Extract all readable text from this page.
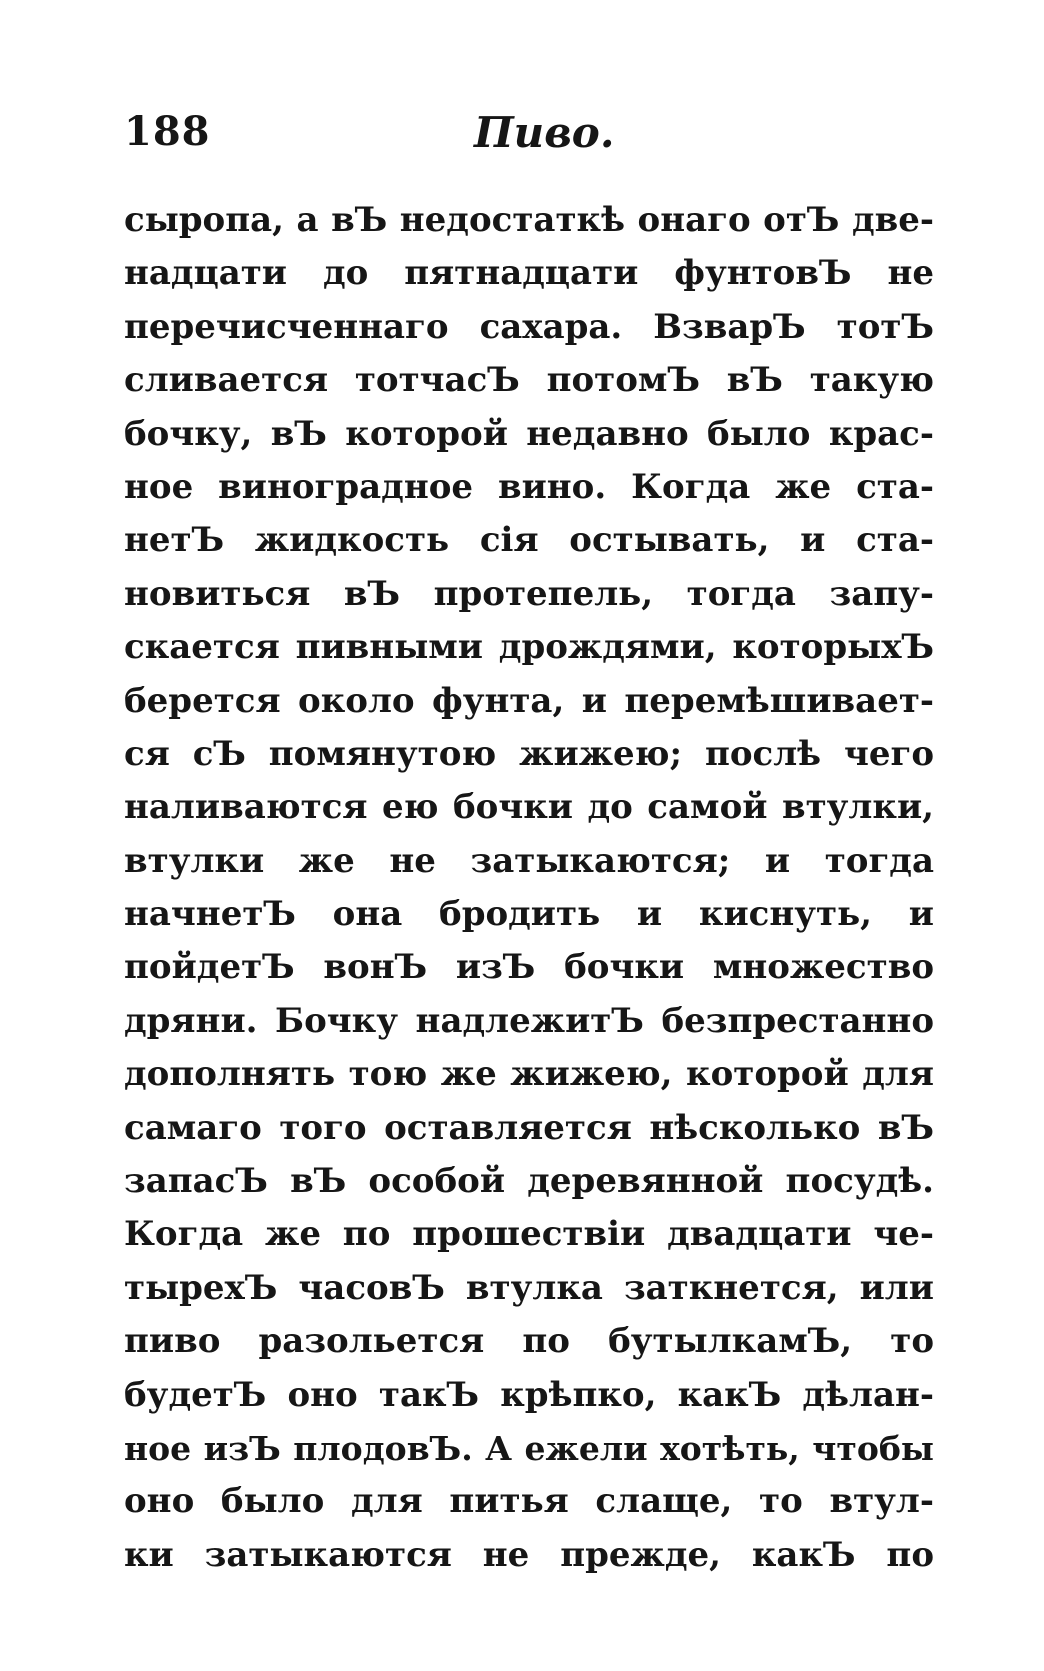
188	Пиво.
сыропа, а вЪ недостаткѣ онаго отЪ две-
надцати до пятнадцати фунтовЪ не
перечисченнаго сахара. ВзварЪ тотЪ
сливается тотчасЪ потомЪ вЪ такую
бочку, вЪ которой недавно было крас-
ное виноградное вино. Когда же ста-
нетЪ жидкость сія остывать, и ста-
новиться вЪ протепель, тогда запу-
скается пивными дрождями, которыхЪ
берется около фунта, и перемѣшивает-
ся сЪ помянутою жижею; послѣ чего
наливаются ею бочки до самой втулки,
втулки же не затыкаются; и тогда
начнетЪ она бродить и киснуть, и
пойдетЪ вонЪ изЪ бочки множество
дряни. Бочку надлежитЪ безпрестанно
дополнять тою же жижею, которой для
самаго того оставляется нѣсколько вЪ
запасЪ вЪ особой деревянной посудѣ.
Когда же по прошествіи двадцати че-
тырехЪ часовЪ втулка заткнется, или
пиво разольется по бутылкамЪ, то
будетЪ оно такЪ крѣпко, какЪ дѣлан-
ное изЪ плодовЪ. А ежели хотѣть, чтобы
оно было для питья слаще, то втул-
ки затыкаются не прежде, какЪ по
